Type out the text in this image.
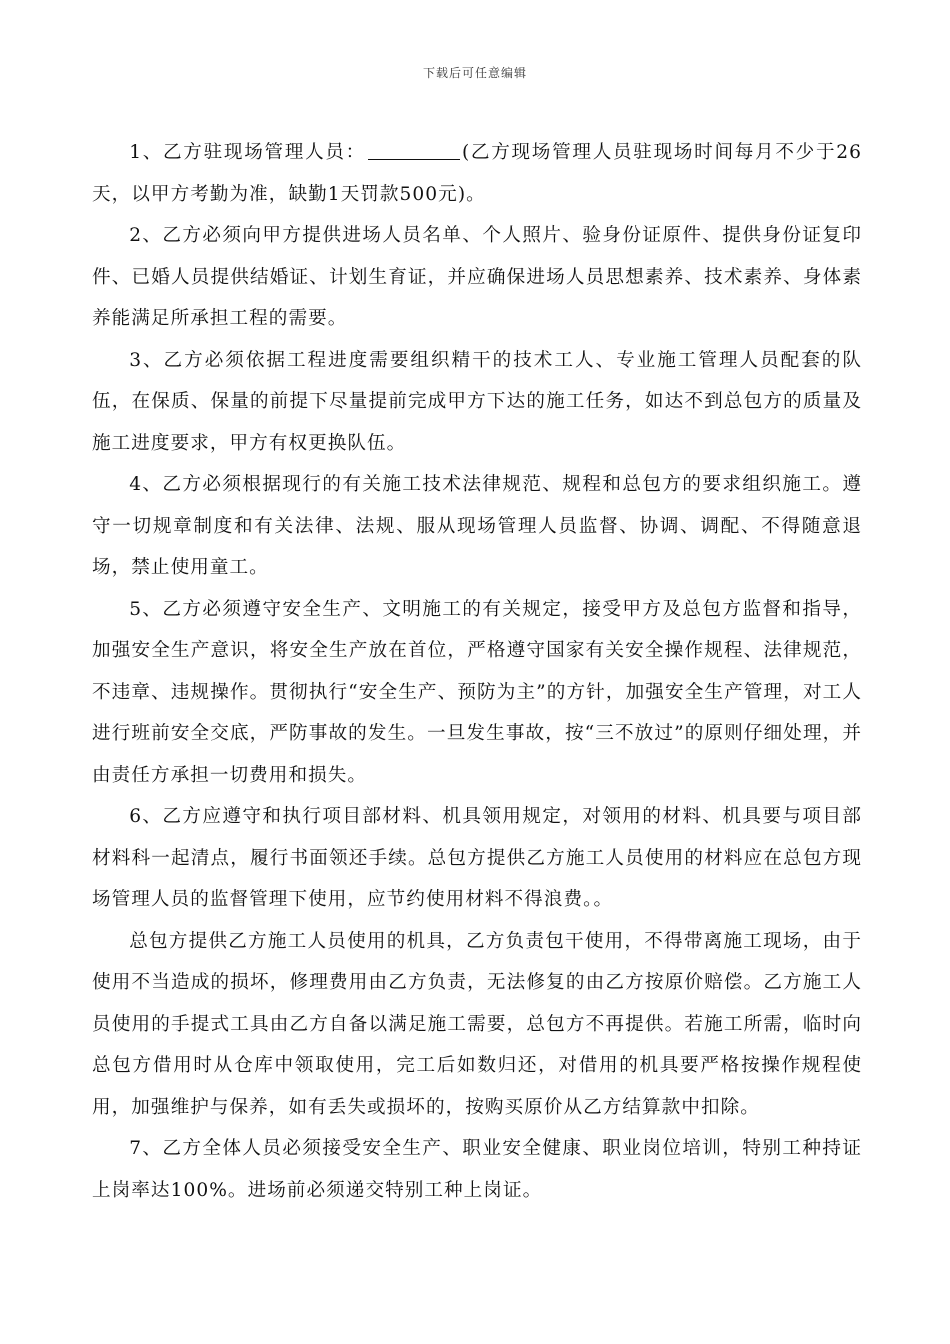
下载后可任意编辑

1、乙方驻现场管理人员：	(乙方现场管理人员驻现场时间每月不少于26天，以甲方考勤为准，缺勤1天罚款500元)。

2、乙方必须向甲方提供进场人员名单、个人照片、验身份证原件、提供身份证复印件、已婚人员提供结婚证、计划生育证，并应确保进场人员思想素养、技术素养、身体素养能满足所承担工程的需要。

3、乙方必须依据工程进度需要组织精干的技术工人、专业施工管理人员配套的队伍，在保质、保量的前提下尽量提前完成甲方下达的施工任务，如达不到总包方的质量及施工进度要求，甲方有权更换队伍。

4、乙方必须根据现行的有关施工技术法律规范、规程和总包方的要求组织施工。遵守一切规章制度和有关法律、法规、服从现场管理人员监督、协调、调配、不得随意退场，禁止使用童工。

5、乙方必须遵守安全生产、文明施工的有关规定，接受甲方及总包方监督和指导，加强安全生产意识，将安全生产放在首位，严格遵守国家有关安全操作规程、法律规范，不违章、违规操作。贯彻执行“安全生产、预防为主”的方针，加强安全生产管理，对工人进行班前安全交底，严防事故的发生。一旦发生事故，按“三不放过”的原则仔细处理，并由责任方承担一切费用和损失。

6、乙方应遵守和执行项目部材料、机具领用规定，对领用的材料、机具要与项目部材料科一起清点，履行书面领还手续。总包方提供乙方施工人员使用的材料应在总包方现场管理人员的监督管理下使用，应节约使用材料不得浪费。。

总包方提供乙方施工人员使用的机具，乙方负责包干使用，不得带离施工现场，由于使用不当造成的损坏，修理费用由乙方负责，无法修复的由乙方按原价赔偿。乙方施工人员使用的手提式工具由乙方自备以满足施工需要，总包方不再提供。若施工所需，临时向总包方借用时从仓库中领取使用，完工后如数归还，对借用的机具要严格按操作规程使用，加强维护与保养，如有丢失或损坏的，按购买原价从乙方结算款中扣除。

7、乙方全体人员必须接受安全生产、职业安全健康、职业岗位培训，特别工种持证上岗率达100%。进场前必须递交特别工种上岗证。
